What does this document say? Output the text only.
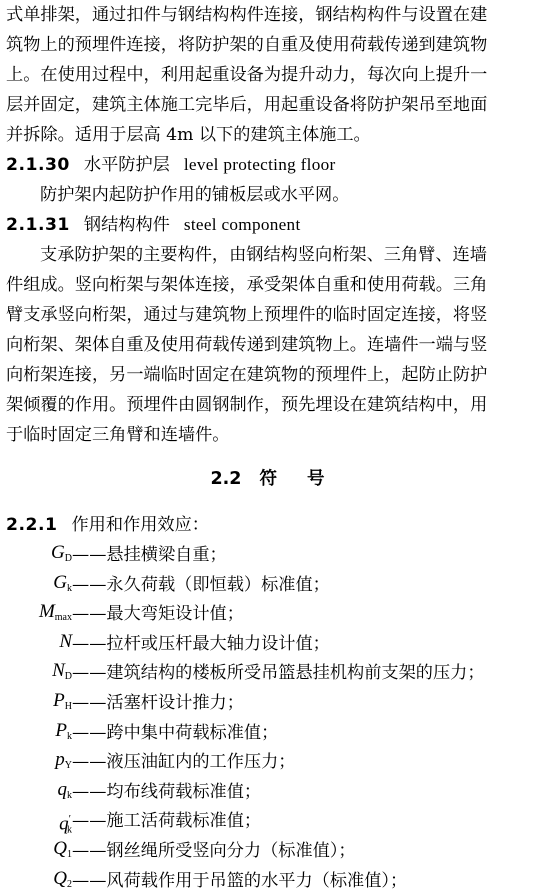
式单排架，通过扣件与钢结构构件连接，钢结构构件与设置在建
筑物上的预埋件连接，将防护架的自重及使用荷载传递到建筑物
上。在使用过程中，利用起重设备为提升动力，每次向上提升一
层并固定，建筑主体施工完毕后，用起重设备将防护架吊至地面
并拆除。适用于层高 4m 以下的建筑主体施工。
2.1.30 水平防护层 level protecting floor
防护架内起防护作用的铺板层或水平网。
2.1.31 钢结构构件 steel component
支承防护架的主要构件，由钢结构竖向桁架、三角臂、连墙
件组成。竖向桁架与架体连接，承受架体自重和使用荷载。三角
臂支承竖向桁架，通过与建筑物上预埋件的临时固定连接，将竖
向桁架、架体自重及使用荷载传递到建筑物上。连墙件一端与竖
向桁架连接，另一端临时固定在建筑物的预埋件上，起防止防护
架倾覆的作用。预埋件由圆钢制作，预先埋设在建筑结构中，用
于临时固定三角臂和连墙件。
2.2 符 号
2.2.1 作用和作用效应：
$G_D$ ——悬挂横梁自重；
$G_k$ ——永久荷载（即恒载）标准值；
$M_{max}$ ——最大弯矩设计值；
N ——拉杆或压杆最大轴力设计值；
$N_D$ ——建筑结构的楼板所受吊篮悬挂机构前支架的压力；
$P_H$ ——活塞杆设计推力；
$P_k$ ——跨中集中荷载标准值；
$p_Y$ ——液压油缸内的工作压力；
$q_k$ ——均布线荷载标准值；
$q'_k$ ——施工活荷载标准值；
$Q_1$ ——钢丝绳所受竖向分力（标准值）；
$Q_2$ ——风荷载作用于吊篮的水平力（标准值）；
